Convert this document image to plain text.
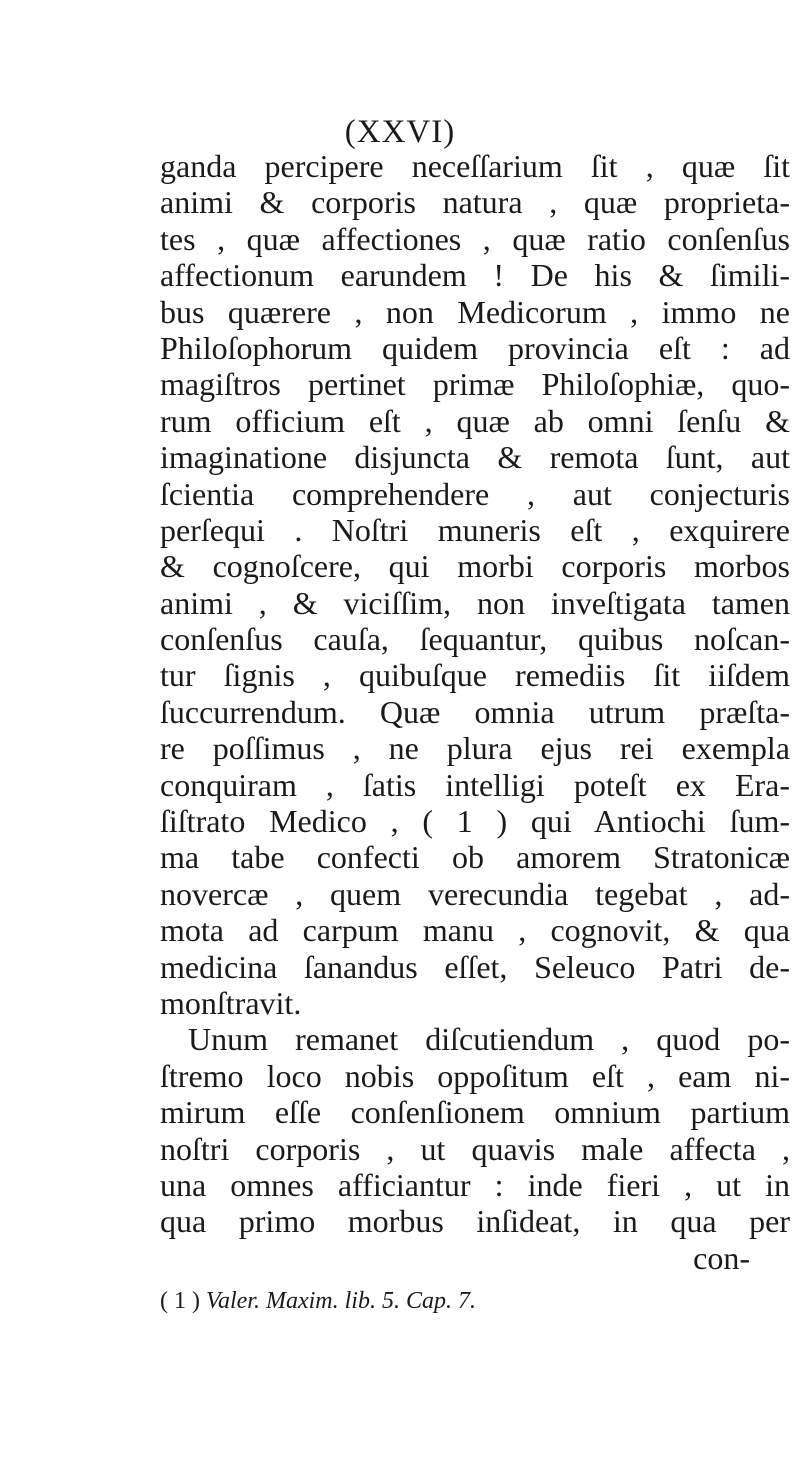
(XXVI)
ganda percipere neceſſarium ſit , quæ ſit
animi & corporis natura , quæ proprieta-
tes , quæ affectiones , quæ ratio conſenſus
affectionum earundem ! De his & ſimili-
bus quærere , non Medicorum , immo ne
Philoſophorum quidem provincia eſt : ad
magiſtros pertinet primæ Philoſophiæ, quo-
rum officium eſt , quæ ab omni ſenſu &
imaginatione disjuncta & remota ſunt, aut
ſcientia comprehendere , aut conjecturis
perſequi . Noſtri muneris eſt , exquirere
& cognoſcere, qui morbi corporis morbos
animi , & viciſſim, non inveſtigata tamen
conſenſus cauſa, ſequantur, quibus noſcan-
tur ſignis , quibuſque remediis ſit iiſdem
ſuccurrendum. Quæ omnia utrum præſta-
re poſſimus , ne plura ejus rei exempla
conquiram , ſatis intelligi poteſt ex Era-
ſiſtrato Medico , ( 1 ) qui Antiochi ſum-
ma tabe confecti ob amorem Stratonicæ
novercæ , quem verecundia tegebat , ad-
mota ad carpum manu , cognovit, & qua
medicina ſanandus eſſet, Seleuco Patri de-
monſtravit.
Unum remanet diſcutiendum , quod po-
ſtremo loco nobis oppoſitum eſt , eam ni-
mirum eſſe conſenſionem omnium partium
noſtri corporis , ut quavis male affecta ,
una omnes afficiantur : inde fieri , ut in
qua primo morbus inſideat, in qua per
con-
( 1 ) Valer. Maxim. lib. 5. Cap. 7.
